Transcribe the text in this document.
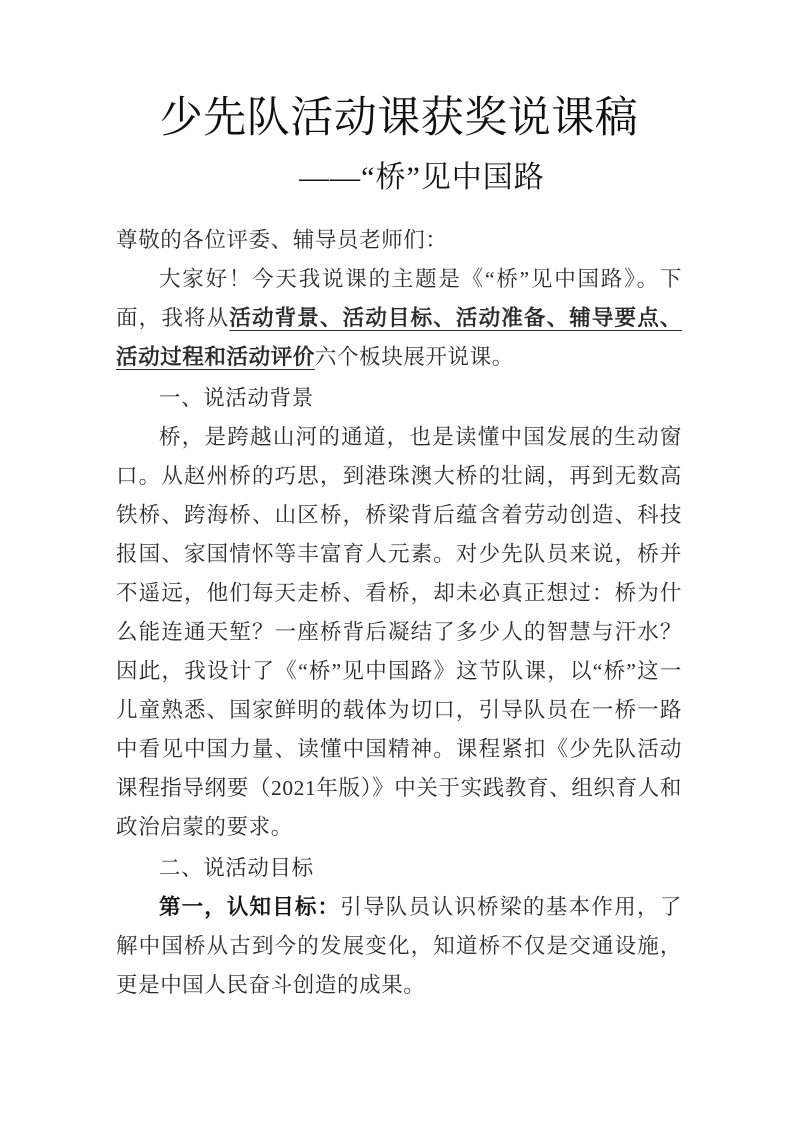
少先队活动课获奖说课稿
——“桥”见中国路

尊敬的各位评委、辅导员老师们：

大家好！今天我说课的主题是《“桥”见中国路》。下面，我将从活动背景、活动目标、活动准备、辅导要点、活动过程和活动评价六个板块展开说课。

一、说活动背景

桥，是跨越山河的通道，也是读懂中国发展的生动窗口。从赵州桥的巧思，到港珠澳大桥的壮阔，再到无数高铁桥、跨海桥、山区桥，桥梁背后蕴含着劳动创造、科技报国、家国情怀等丰富育人元素。对少先队员来说，桥并不遥远，他们每天走桥、看桥，却未必真正想过：桥为什么能连通天堑？一座桥背后凝结了多少人的智慧与汗水？因此，我设计了《“桥”见中国路》这节队课，以“桥”这一儿童熟悉、国家鲜明的载体为切口，引导队员在一桥一路中看见中国力量、读懂中国精神。课程紧扣《少先队活动课程指导纲要（2021年版）》中关于实践教育、组织育人和政治启蒙的要求。

二、说活动目标

第一，认知目标：引导队员认识桥梁的基本作用，了解中国桥从古到今的发展变化，知道桥不仅是交通设施，更是中国人民奋斗创造的成果。
